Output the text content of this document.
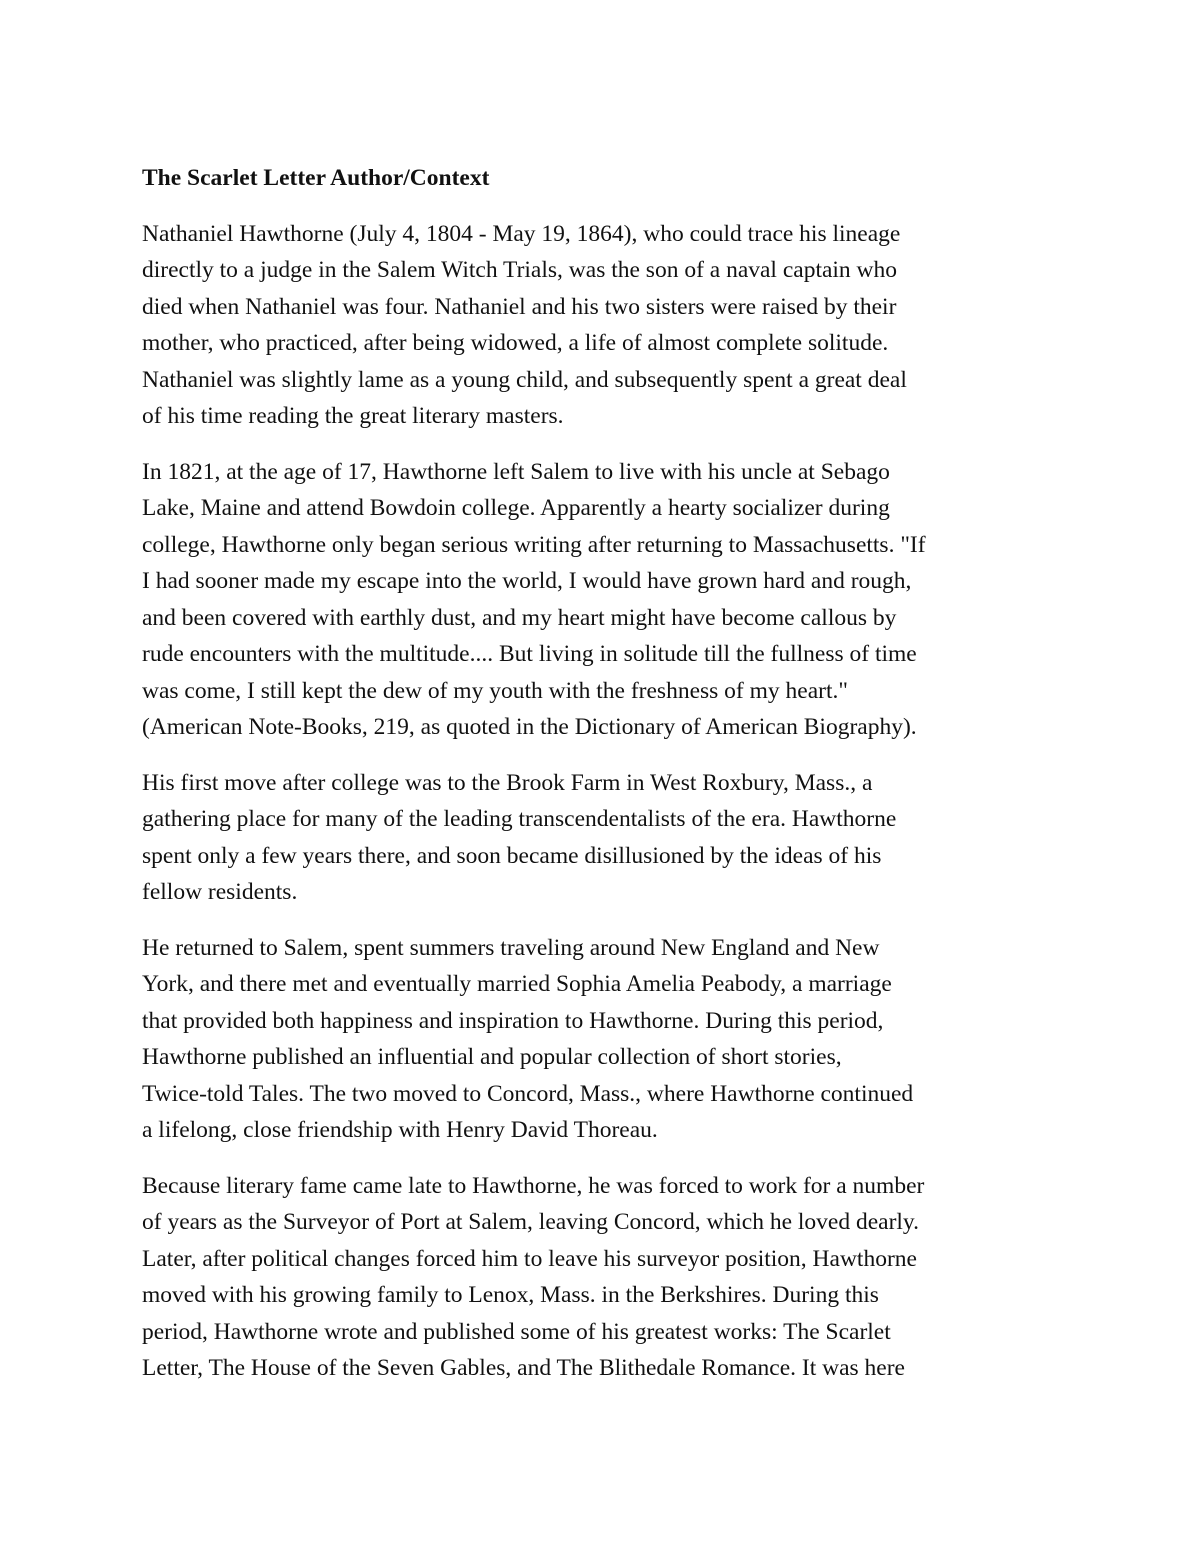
The Scarlet Letter Author/Context
Nathaniel Hawthorne (July 4, 1804 - May 19, 1864), who could trace his lineage
directly to a judge in the Salem Witch Trials, was the son of a naval captain who
died when Nathaniel was four. Nathaniel and his two sisters were raised by their
mother, who practiced, after being widowed, a life of almost complete solitude.
Nathaniel was slightly lame as a young child, and subsequently spent a great deal
of his time reading the great literary masters.
In 1821, at the age of 17, Hawthorne left Salem to live with his uncle at Sebago
Lake, Maine and attend Bowdoin college. Apparently a hearty socializer during
college, Hawthorne only began serious writing after returning to Massachusetts. "If
I had sooner made my escape into the world, I would have grown hard and rough,
and been covered with earthly dust, and my heart might have become callous by
rude encounters with the multitude.... But living in solitude till the fullness of time
was come, I still kept the dew of my youth with the freshness of my heart."
(American Note-Books, 219, as quoted in the Dictionary of American Biography).
His first move after college was to the Brook Farm in West Roxbury, Mass., a
gathering place for many of the leading transcendentalists of the era. Hawthorne
spent only a few years there, and soon became disillusioned by the ideas of his
fellow residents.
He returned to Salem, spent summers traveling around New England and New
York, and there met and eventually married Sophia Amelia Peabody, a marriage
that provided both happiness and inspiration to Hawthorne. During this period,
Hawthorne published an influential and popular collection of short stories,
Twice-told Tales. The two moved to Concord, Mass., where Hawthorne continued
a lifelong, close friendship with Henry David Thoreau.
Because literary fame came late to Hawthorne, he was forced to work for a number
of years as the Surveyor of Port at Salem, leaving Concord, which he loved dearly.
Later, after political changes forced him to leave his surveyor position, Hawthorne
moved with his growing family to Lenox, Mass. in the Berkshires. During this
period, Hawthorne wrote and published some of his greatest works: The Scarlet
Letter, The House of the Seven Gables, and The Blithedale Romance. It was here
